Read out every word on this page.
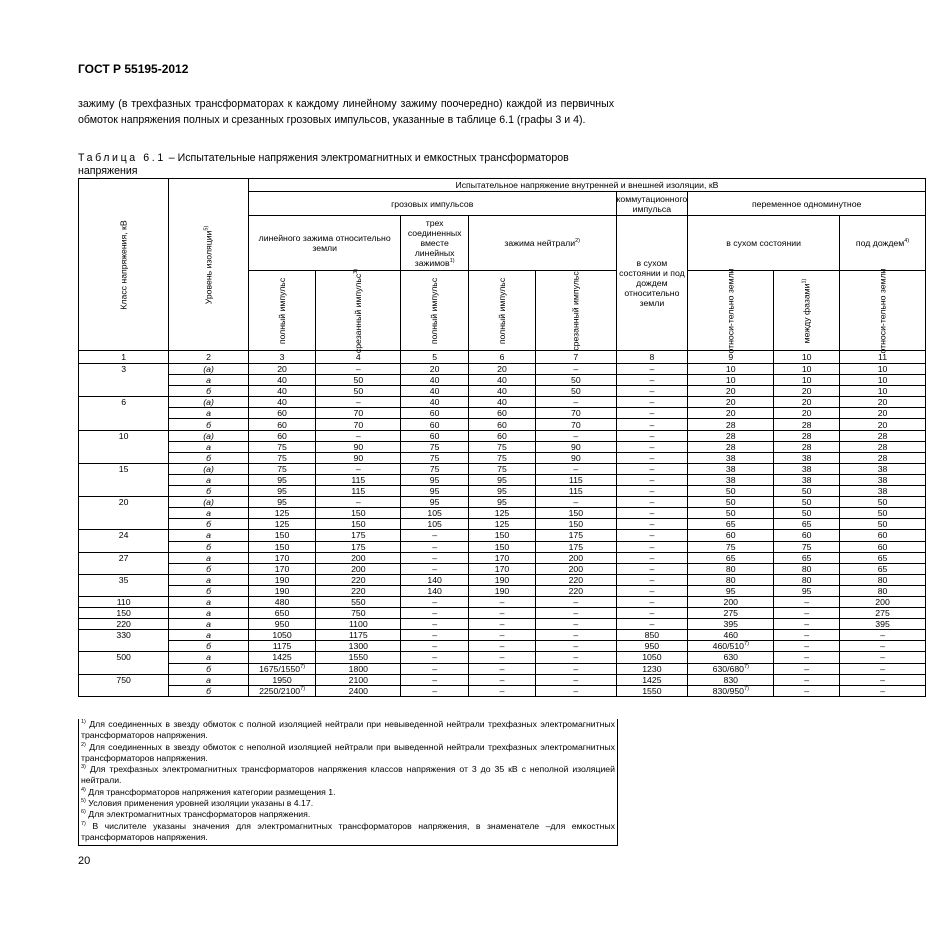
ГОСТ Р 55195-2012
зажиму (в трехфазных трансформаторах к каждому линейному зажиму поочередно) каждой из первичных обмоток напряжения полных и срезанных грозовых импульсов, указанные в таблице 6.1 (графы 3 и 4).
Таблица 6.1 – Испытательные напряжения электромагнитных и емкостных трансформаторов напряжения
Класс напряжения, кВ	Уровень изоляции$^{5)}$	Испытательное напряжение внутренней и внешней изоляции, кВ								
		грозовых импульсов					коммутационного импульса	переменное одноминутное		
		линейного зажима относительно земли		трех соединенных вместе линейных зажимов$^{1)}$	зажима нейтрали$^{2)}$		в сухом состоянии и под дождем относительно земли	в сухом состоянии		под дождем$^{4)}$
		полный импульс	срезанный импульс$^{3)}$	полный импульс	полный импульс	срезанный импульс		относи-тельно земли	между фазами$^{1)}$	относи-тельно земли
1	2	3	4	5	6	7	8	9	10	11
3	(а)	20	–	20	20	–	–	10	10	10
	а	40	50	40	40	50	–	10	10	10
	б	40	50	40	40	50	–	20	20	10
6	(а)	40	–	40	40	–	–	20	20	20
	а	60	70	60	60	70	–	20	20	20
	б	60	70	60	60	70	–	28	28	20
10	(а)	60	–	60	60	–	–	28	28	28
	а	75	90	75	75	90	–	28	28	28
	б	75	90	75	75	90	–	38	38	28
15	(а)	75	–	75	75	–	–	38	38	38
	а	95	115	95	95	115	–	38	38	38
	б	95	115	95	95	115	–	50	50	38
20	(а)	95	–	95	95	–	–	50	50	50
	а	125	150	105	125	150	–	50	50	50
	б	125	150	105	125	150	–	65	65	50
24	а	150	175	–	150	175	–	60	60	60
	б	150	175	–	150	175	–	75	75	60
27	а	170	200	–	170	200	–	65	65	65
	б	170	200	–	170	200	–	80	80	65
35	а	190	220	140	190	220	–	80	80	80
	б	190	220	140	190	220	–	95	95	80
110	а	480	550	–	–	–	–	200	–	200
150	а	650	750	–	–	–	–	275	–	275
220	а	950	1100	–	–	–	–	395	–	395
330	а	1050	1175	–	–	–	850	460	–	–
	б	1175	1300	–	–	–	950	460/510$^{7)}$	–	–
500	а	1425	1550	–	–	–	1050	630	–	–
	б	1675/1550$^{7)}$	1800	–	–	–	1230	630/680$^{7)}$	–	–
750	а	1950	2100	–	–	–	1425	830	–	–
	б	2250/2100$^{7)}$	2400	–	–	–	1550	830/950$^{7)}$	–	–

$^{1)}$ Для соединенных в звезду обмоток с полной изоляцией нейтрали при невыведенной нейтрали трехфазных электромагнитных трансформаторов напряжения.

$^{2)}$ Для соединенных в звезду обмоток с неполной изоляцией нейтрали при выведенной нейтрали трехфазных электромагнитных трансформаторов напряжения.

$^{3)}$ Для трехфазных электромагнитных трансформаторов напряжения классов напряжения от 3 до 35 кВ с неполной изоляцией нейтрали.

$^{4)}$ Для трансформаторов напряжения категории размещения 1.

$^{5)}$ Условия применения уровней изоляции указаны в 4.17.

$^{6)}$ Для электромагнитных трансформаторов напряжения.

$^{7)}$ В числителе указаны значения для электромагнитных трансформаторов напряжения, в знаменателе –для емкостных трансформаторов напряжения.

20
